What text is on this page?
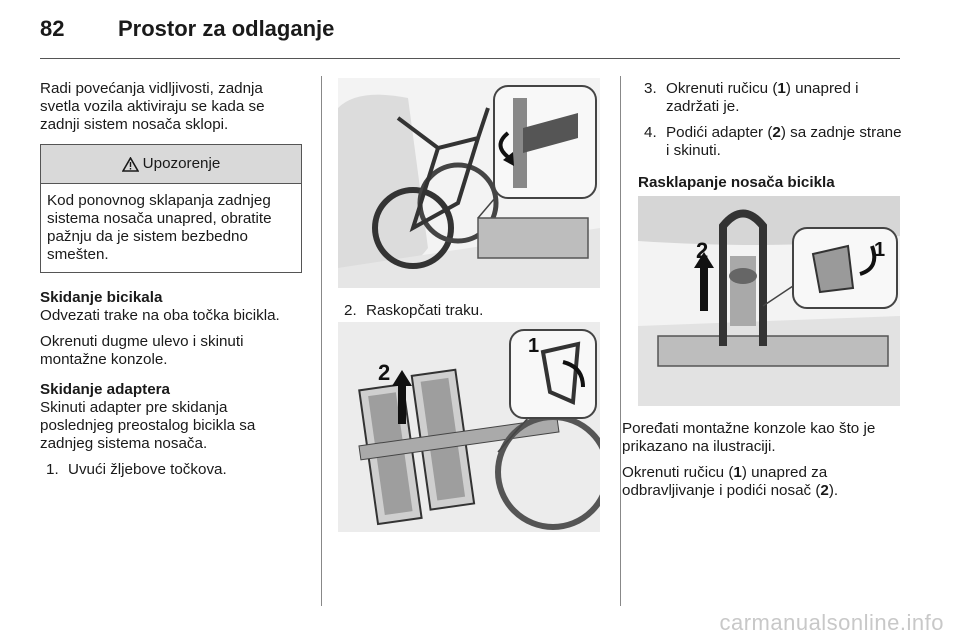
82 Prostor za odlaganje

Radi povećanja vidljivosti, zadnja svetla vozila aktiviraju se kada se zadnji sistem nosača sklopi.

Upozorenje
Kod ponovnog sklapanja zadnjeg sistema nosača unapred, obratite pažnju da je sistem bezbedno smešten.

Skidanje bicikala

Odvezati trake na oba točka bicikla.

Okrenuti dugme ulevo i skinuti montažne konzole.

Skidanje adaptera

Skinuti adapter pre skidanja poslednjeg preostalog bicikla sa zadnjeg sistema nosača.

1. Uvući žljebove točkova.
2. Raskopčati traku.
2
1
3. Okrenuti ručicu (1) unapred i zadržati je.
4. Podići adapter (2) sa zadnje strane i skinuti.

Rasklapanje nosača bicikla

2	1

Poređati montažne konzole kao što je prikazano na ilustraciji.

Okrenuti ručicu (1) unapred za odbravljivanje i podići nosač (2).

carmanualsonline.info
